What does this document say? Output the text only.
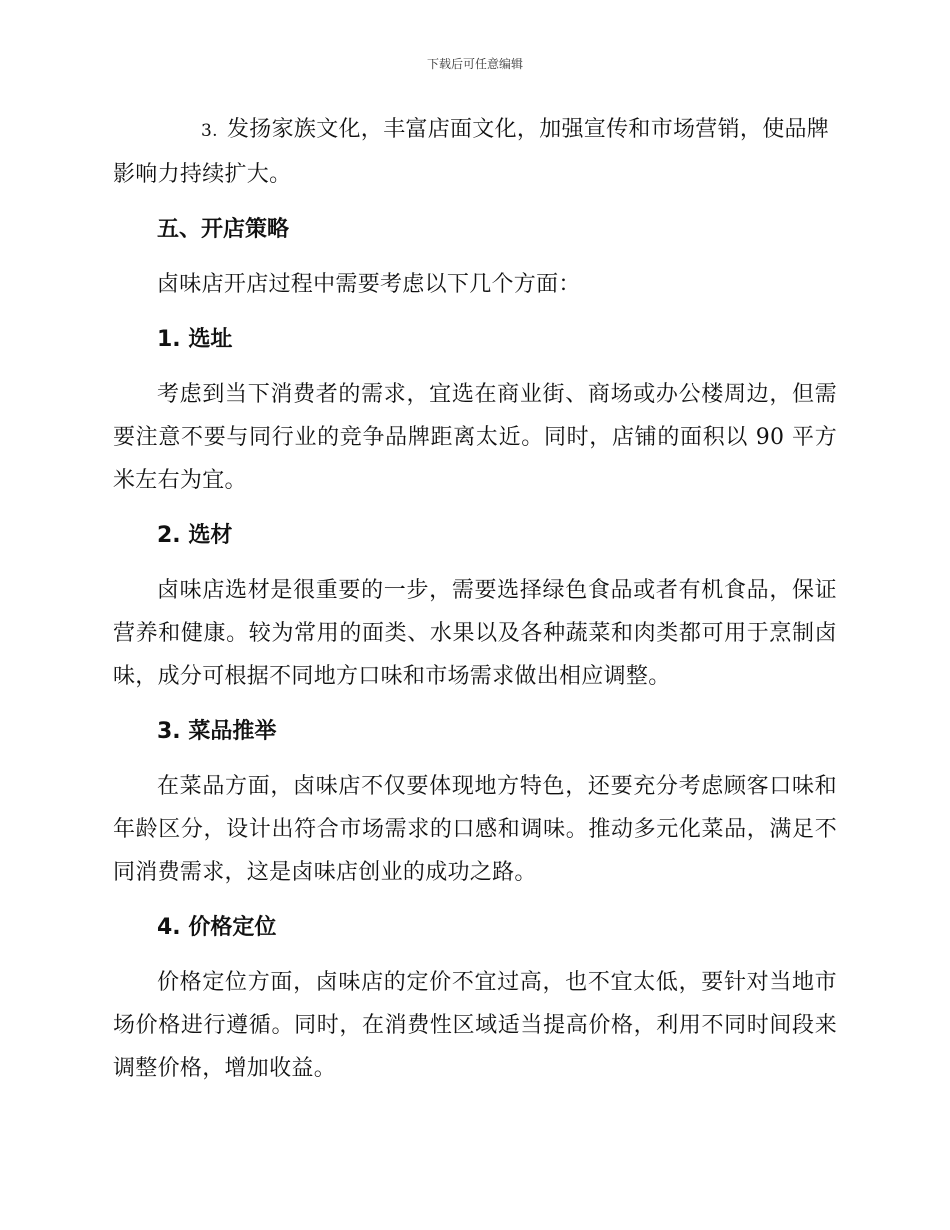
下载后可任意编辑

3. 发扬家族文化，丰富店面文化，加强宣传和市场营销，使品牌影响力持续扩大。

五、开店策略

卤味店开店过程中需要考虑以下几个方面：

1. 选址

考虑到当下消费者的需求，宜选在商业街、商场或办公楼周边，但需要注意不要与同行业的竞争品牌距离太近。同时，店铺的面积以 90 平方米左右为宜。

2. 选材

卤味店选材是很重要的一步，需要选择绿色食品或者有机食品，保证营养和健康。较为常用的面类、水果以及各种蔬菜和肉类都可用于烹制卤味，成分可根据不同地方口味和市场需求做出相应调整。

3. 菜品推举

在菜品方面，卤味店不仅要体现地方特色，还要充分考虑顾客口味和年龄区分，设计出符合市场需求的口感和调味。推动多元化菜品，满足不同消费需求，这是卤味店创业的成功之路。

4. 价格定位

价格定位方面，卤味店的定价不宜过高，也不宜太低，要针对当地市场价格进行遵循。同时，在消费性区域适当提高价格，利用不同时间段来调整价格，增加收益。
